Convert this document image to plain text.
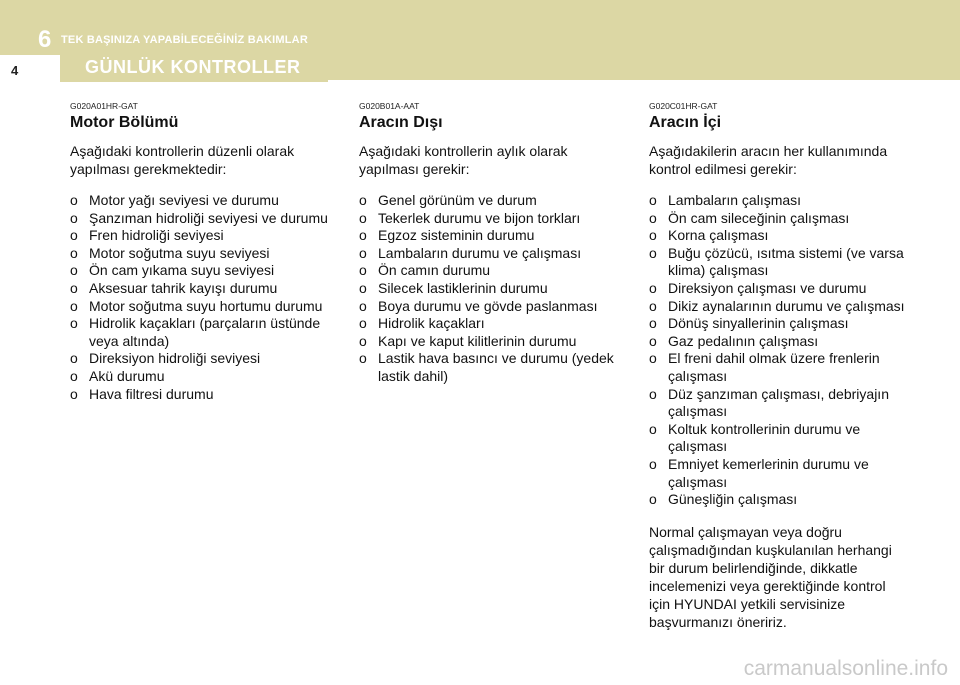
6 TEK BAŞINIZA YAPABİLECEĞİNİZ BAKIMLAR
4	GÜNLÜK KONTROLLER
G020A01HR-GAT
Motor Bölümü
Aşağıdaki kontrollerin düzenli olarak yapılması gerekmektedir:
o Motor yağı seviyesi ve durumu
o Şanzıman hidroliği seviyesi ve durumu
o Fren hidroliği seviyesi
o Motor soğutma suyu seviyesi
o Ön cam yıkama suyu seviyesi
o Aksesuar tahrik kayışı durumu
o Motor soğutma suyu hortumu durumu
o Hidrolik kaçakları (parçaların üstünde veya altında)
o Direksiyon hidroliği seviyesi
o Akü durumu
o Hava filtresi durumu
G020B01A-AAT
Aracın Dışı
Aşağıdaki kontrollerin aylık olarak yapılması gerekir:
o Genel görünüm ve durum
o Tekerlek durumu ve bijon torkları
o Egzoz sisteminin durumu
o Lambaların durumu ve çalışması
o Ön camın durumu
o Silecek lastiklerinin durumu
o Boya durumu ve gövde paslanması
o Hidrolik kaçakları
o Kapı ve kaput kilitlerinin durumu
o Lastik hava basıncı ve durumu (yedek lastik dahil)
G020C01HR-GAT
Aracın İçi
Aşağıdakilerin aracın her kullanımında kontrol edilmesi gerekir:
o Lambaların çalışması
o Ön cam sileceğinin çalışması
o Korna çalışması
o Buğu çözücü, ısıtma sistemi (ve varsa klima) çalışması
o Direksiyon çalışması ve durumu
o Dikiz aynalarının durumu ve çalışması
o Dönüş sinyallerinin çalışması
o Gaz pedalının çalışması
o El freni dahil olmak üzere frenlerin çalışması
o Düz şanzıman çalışması, debriyajın çalışması
o Koltuk kontrollerinin durumu ve çalışması
o Emniyet kemerlerinin durumu ve çalışması
o Güneşliğin çalışması
Normal çalışmayan veya doğru çalışmadığından kuşkulanılan herhangi bir durum belirlendiğinde, dikkatle incelemenizi veya gerektiğinde kontrol için HYUNDAI yetkili servisinize başvurmanızı öneririz.
carmanualsonline.info
